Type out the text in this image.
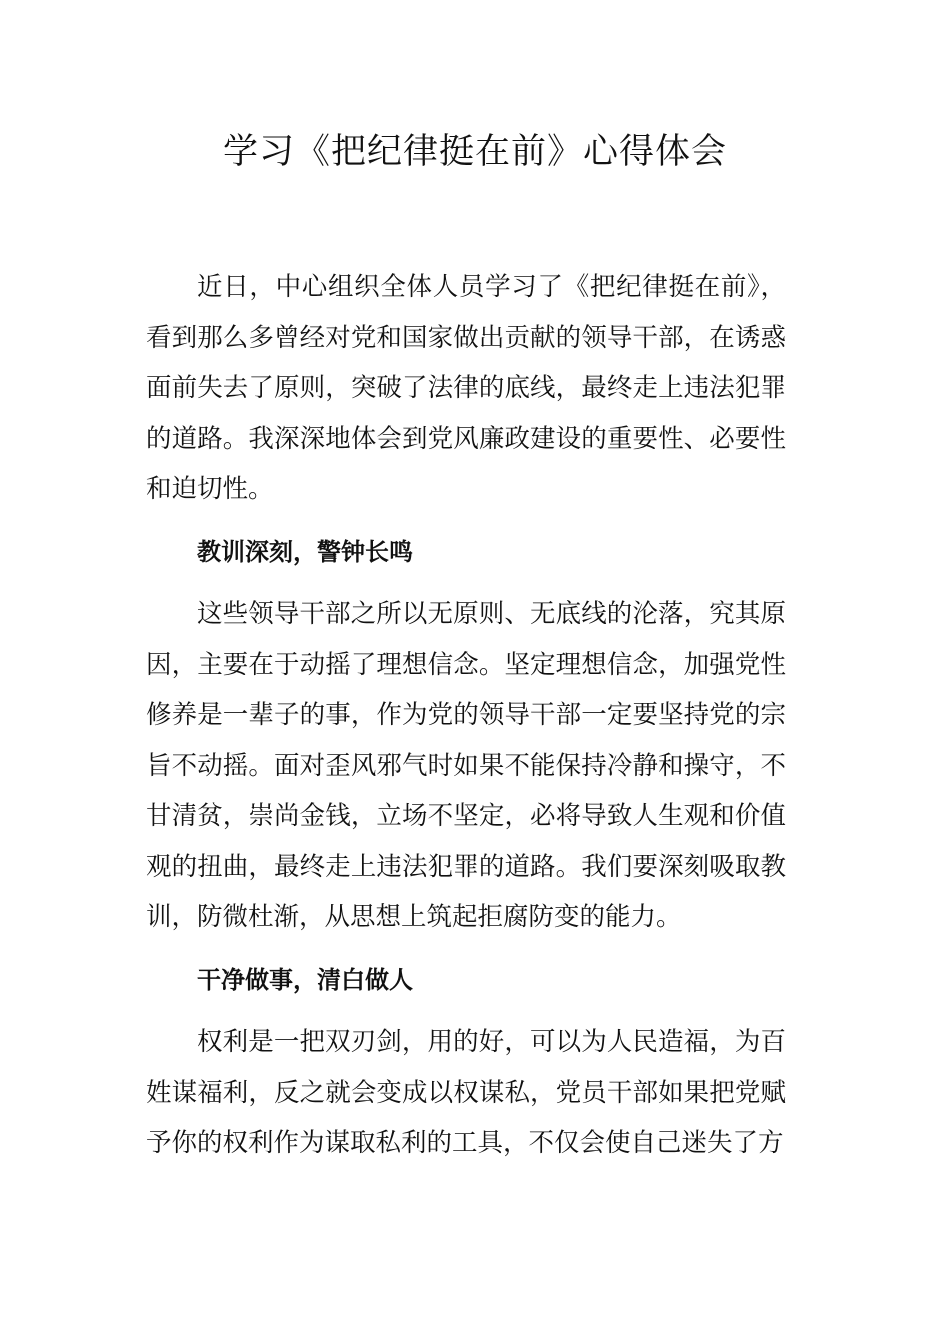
学习《把纪律挺在前》心得体会

近日，中心组织全体人员学习了《把纪律挺在前》，看到那么多曾经对党和国家做出贡献的领导干部，在诱惑面前失去了原则，突破了法律的底线，最终走上违法犯罪的道路。我深深地体会到党风廉政建设的重要性、必要性和迫切性。

教训深刻，警钟长鸣

这些领导干部之所以无原则、无底线的沦落，究其原因，主要在于动摇了理想信念。坚定理想信念，加强党性修养是一辈子的事，作为党的领导干部一定要坚持党的宗旨不动摇。面对歪风邪气时如果不能保持冷静和操守，不甘清贫，崇尚金钱，立场不坚定，必将导致人生观和价值观的扭曲，最终走上违法犯罪的道路。我们要深刻吸取教训，防微杜渐，从思想上筑起拒腐防变的能力。

干净做事，清白做人

权利是一把双刃剑，用的好，可以为人民造福，为百姓谋福利，反之就会变成以权谋私，党员干部如果把党赋予你的权利作为谋取私利的工具，不仅会使自己迷失了方
